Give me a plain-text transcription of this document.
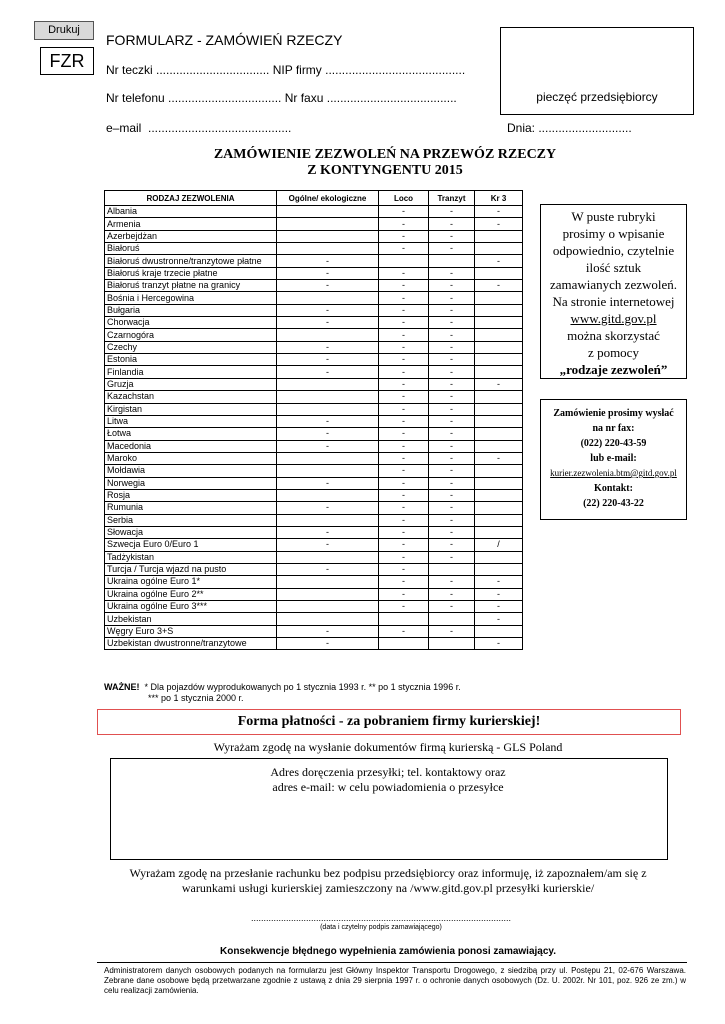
Drukuj
FZR
FORMULARZ - ZAMÓWIEŃ RZECZY
Nr teczki .................................. NIP firmy ..........................................
Nr telefonu .................................. Nr faxu .......................................
e–mail  ...........................................	Dnia: ............................
pieczęć przedsiębiorcy
ZAMÓWIENIE ZEZWOLEŃ NA PRZEWÓZ RZECZY
Z KONTYNGENTU 2015
RODZAJ ZEZWOLENIA	Ogólne/ ekologiczne	Loco	Tranzyt	Kr 3
Albania		-	-	-
Armenia		-	-	-
Azerbejdżan		-	-	
Białoruś		-	-	
Białoruś dwustronne/tranzytowe płatne	-			-
Białoruś kraje trzecie płatne	-	-	-	
Białoruś tranzyt płatne na granicy	-	-	-	-
Bośnia i Hercegowina		-	-	
Bułgaria	-	-	-	
Chorwacja	-	-	-	
Czarnogóra		-	-	
Czechy	-	-	-	
Estonia	-	-	-	
Finlandia	-	-	-	
Gruzja		-	-	-
Kazachstan		-	-	
Kirgistan		-	-	
Litwa	-	-	-	
Łotwa	-	-	-	
Macedonia	-	-	-	
Maroko		-	-	-
Mołdawia		-	-	
Norwegia	-	-	-	
Rosja		-	-	
Rumunia	-	-	-	
Serbia		-	-	
Słowacja	-	-	-	
Szwecja Euro 0/Euro 1	-	-	-	/
Tadżykistan		-	-	
Turcja / Turcja wjazd na pusto	-	-		
Ukraina ogólne Euro 1*		-	-	-
Ukraina ogólne Euro 2**		-	-	-
Ukraina ogólne Euro 3***		-	-	-
Uzbekistan				-
Węgry Euro 3+S	-	-	-	
Uzbekistan dwustronne/tranzytowe	-			-
W puste rubryki
prosimy o wpisanie
odpowiednio, czytelnie
ilość sztuk
zamawianych zezwoleń.
Na stronie internetowej
www.gitd.gov.pl
można skorzystać
z pomocy
„rodzaje zezwoleń”
Zamówienie prosimy wysłać
na nr fax:
(022) 220-43-59
lub e-mail:
kurier.zezwolenia.btm@gitd.gov.pl
Kontakt:
(22) 220-43-22
WAŻNE! * Dla pojazdów wyprodukowanych po 1 stycznia 1993 r. ** po 1 stycznia 1996 r.
*** po 1 stycznia 2000 r.
Forma płatności - za pobraniem firmy kurierskiej!
Wyrażam zgodę na wysłanie dokumentów firmą kurierską - GLS Poland
Adres doręczenia przesyłki; tel. kontaktowy oraz
adres e-mail: w celu powiadomienia o przesyłce
Wyrażam zgodę na przesłanie rachunku bez podpisu przedsiębiorcy oraz informuję, iż zapoznałem/am się z
warunkami usługi kurierskiej zamieszczony na /www.gitd.gov.pl przesyłki kurierskie/
........................................................................................................
(data i czytelny podpis zamawiającego)
Konsekwencje błędnego wypełnienia zamówienia ponosi zamawiający.
Administratorem danych osobowych podanych na formularzu jest Główny Inspektor Transportu Drogowego, z siedzibą przy ul. Postępu 21, 02-676 Warszawa. Zebrane dane osobowe będą przetwarzane zgodnie z ustawą z dnia 29 sierpnia 1997 r. o ochronie danych osobowych (Dz. U. 2002r. Nr 101, poz. 926 ze zm.) w celu realizacji zamówienia.
